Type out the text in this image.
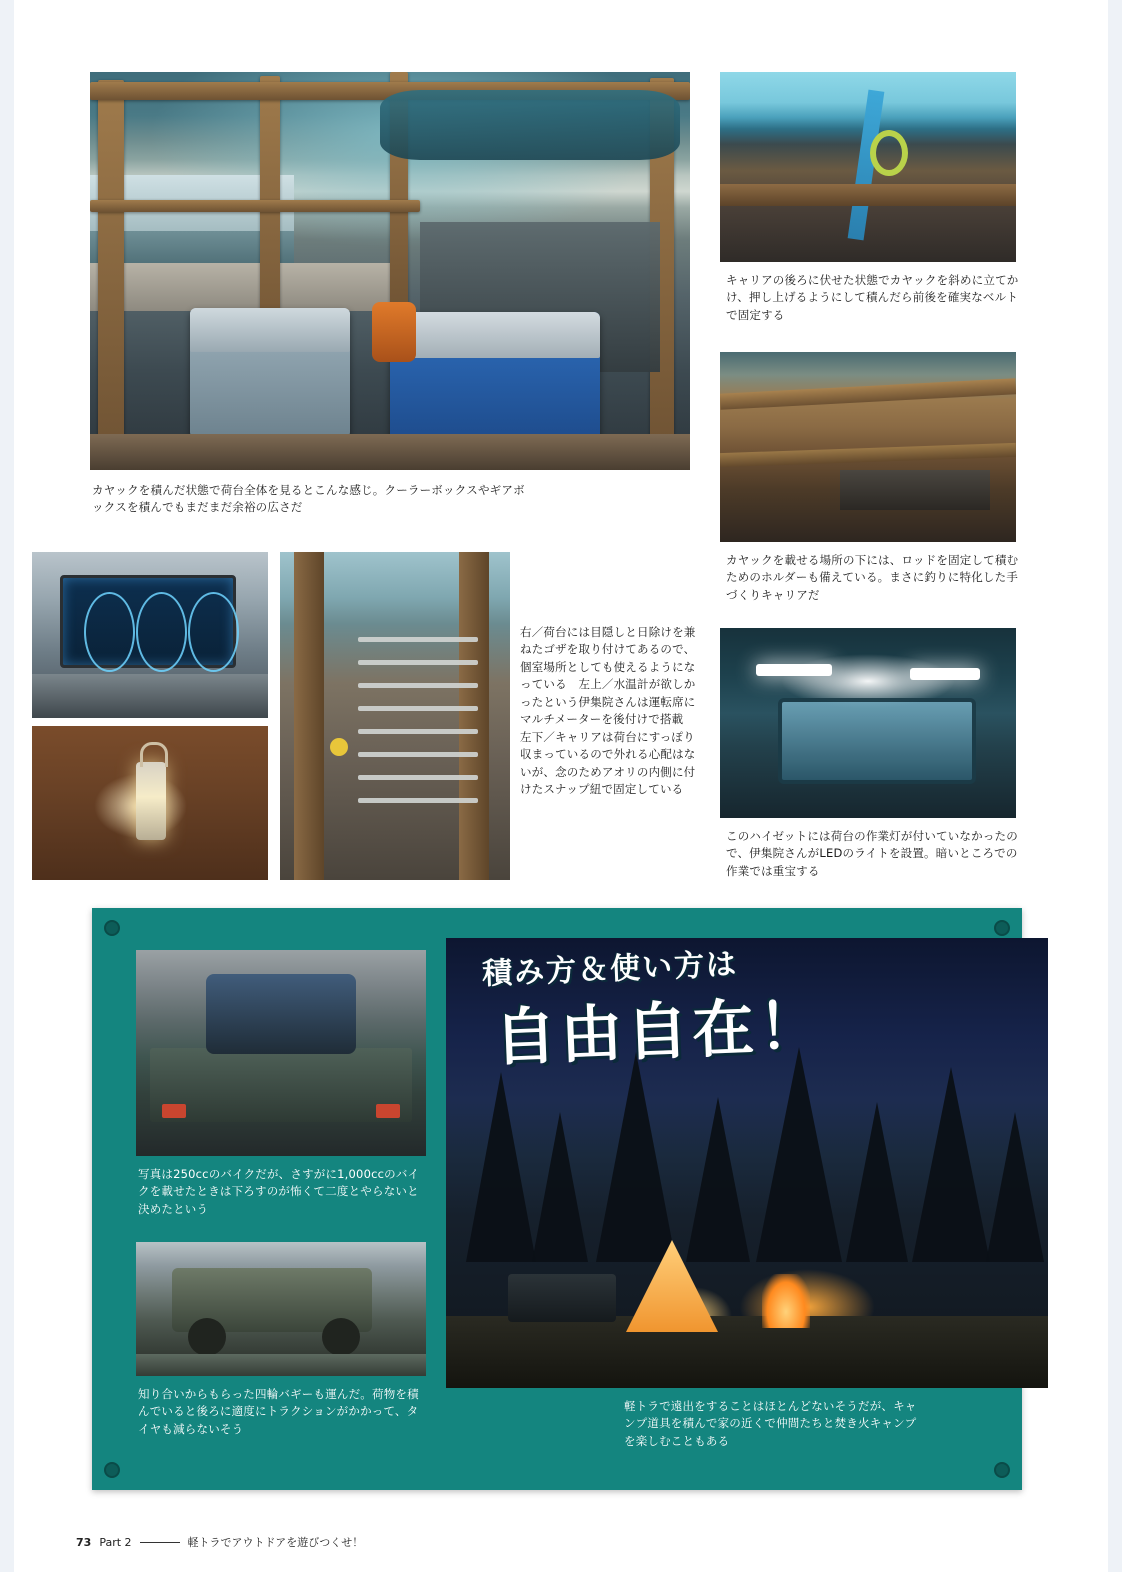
カヤックを積んだ状態で荷台全体を見るとこんな感じ。クーラーボックスやギアボックスを積んでもまだまだ余裕の広さだ
キャリアの後ろに伏せた状態でカヤックを斜めに立てかけ、押し上げるようにして積んだら前後を確実なベルトで固定する
カヤックを載せる場所の下には、ロッドを固定して積むためのホルダーも備えている。まさに釣りに特化した手づくりキャリアだ
このハイゼットには荷台の作業灯が付いていなかったので、伊集院さんがLEDのライトを設置。暗いところでの作業では重宝する
右／荷台には目隠しと日除けを兼ねたゴザを取り付けてあるので、個室場所としても使えるようになっている　左上／水温計が欲しかったという伊集院さんは運転席にマルチメーターを後付けで搭載　左下／キャリアは荷台にすっぽり収まっているので外れる心配はないが、念のためアオリの内側に付けたスナップ紐で固定している
積み方＆使い方は
自由自在！
軽トラで遠出をすることはほとんどないそうだが、キャンプ道具を積んで家の近くで仲間たちと焚き火キャンプを楽しむこともある
写真は250ccのバイクだが、さすがに1,000ccのバイクを載せたときは下ろすのが怖くて二度とやらないと決めたという
知り合いからもらった四輪バギーも運んだ。荷物を積んでいると後ろに適度にトラクションがかかって、タイヤも減らないそう
73 Part 2	軽トラでアウトドアを遊びつくせ！
